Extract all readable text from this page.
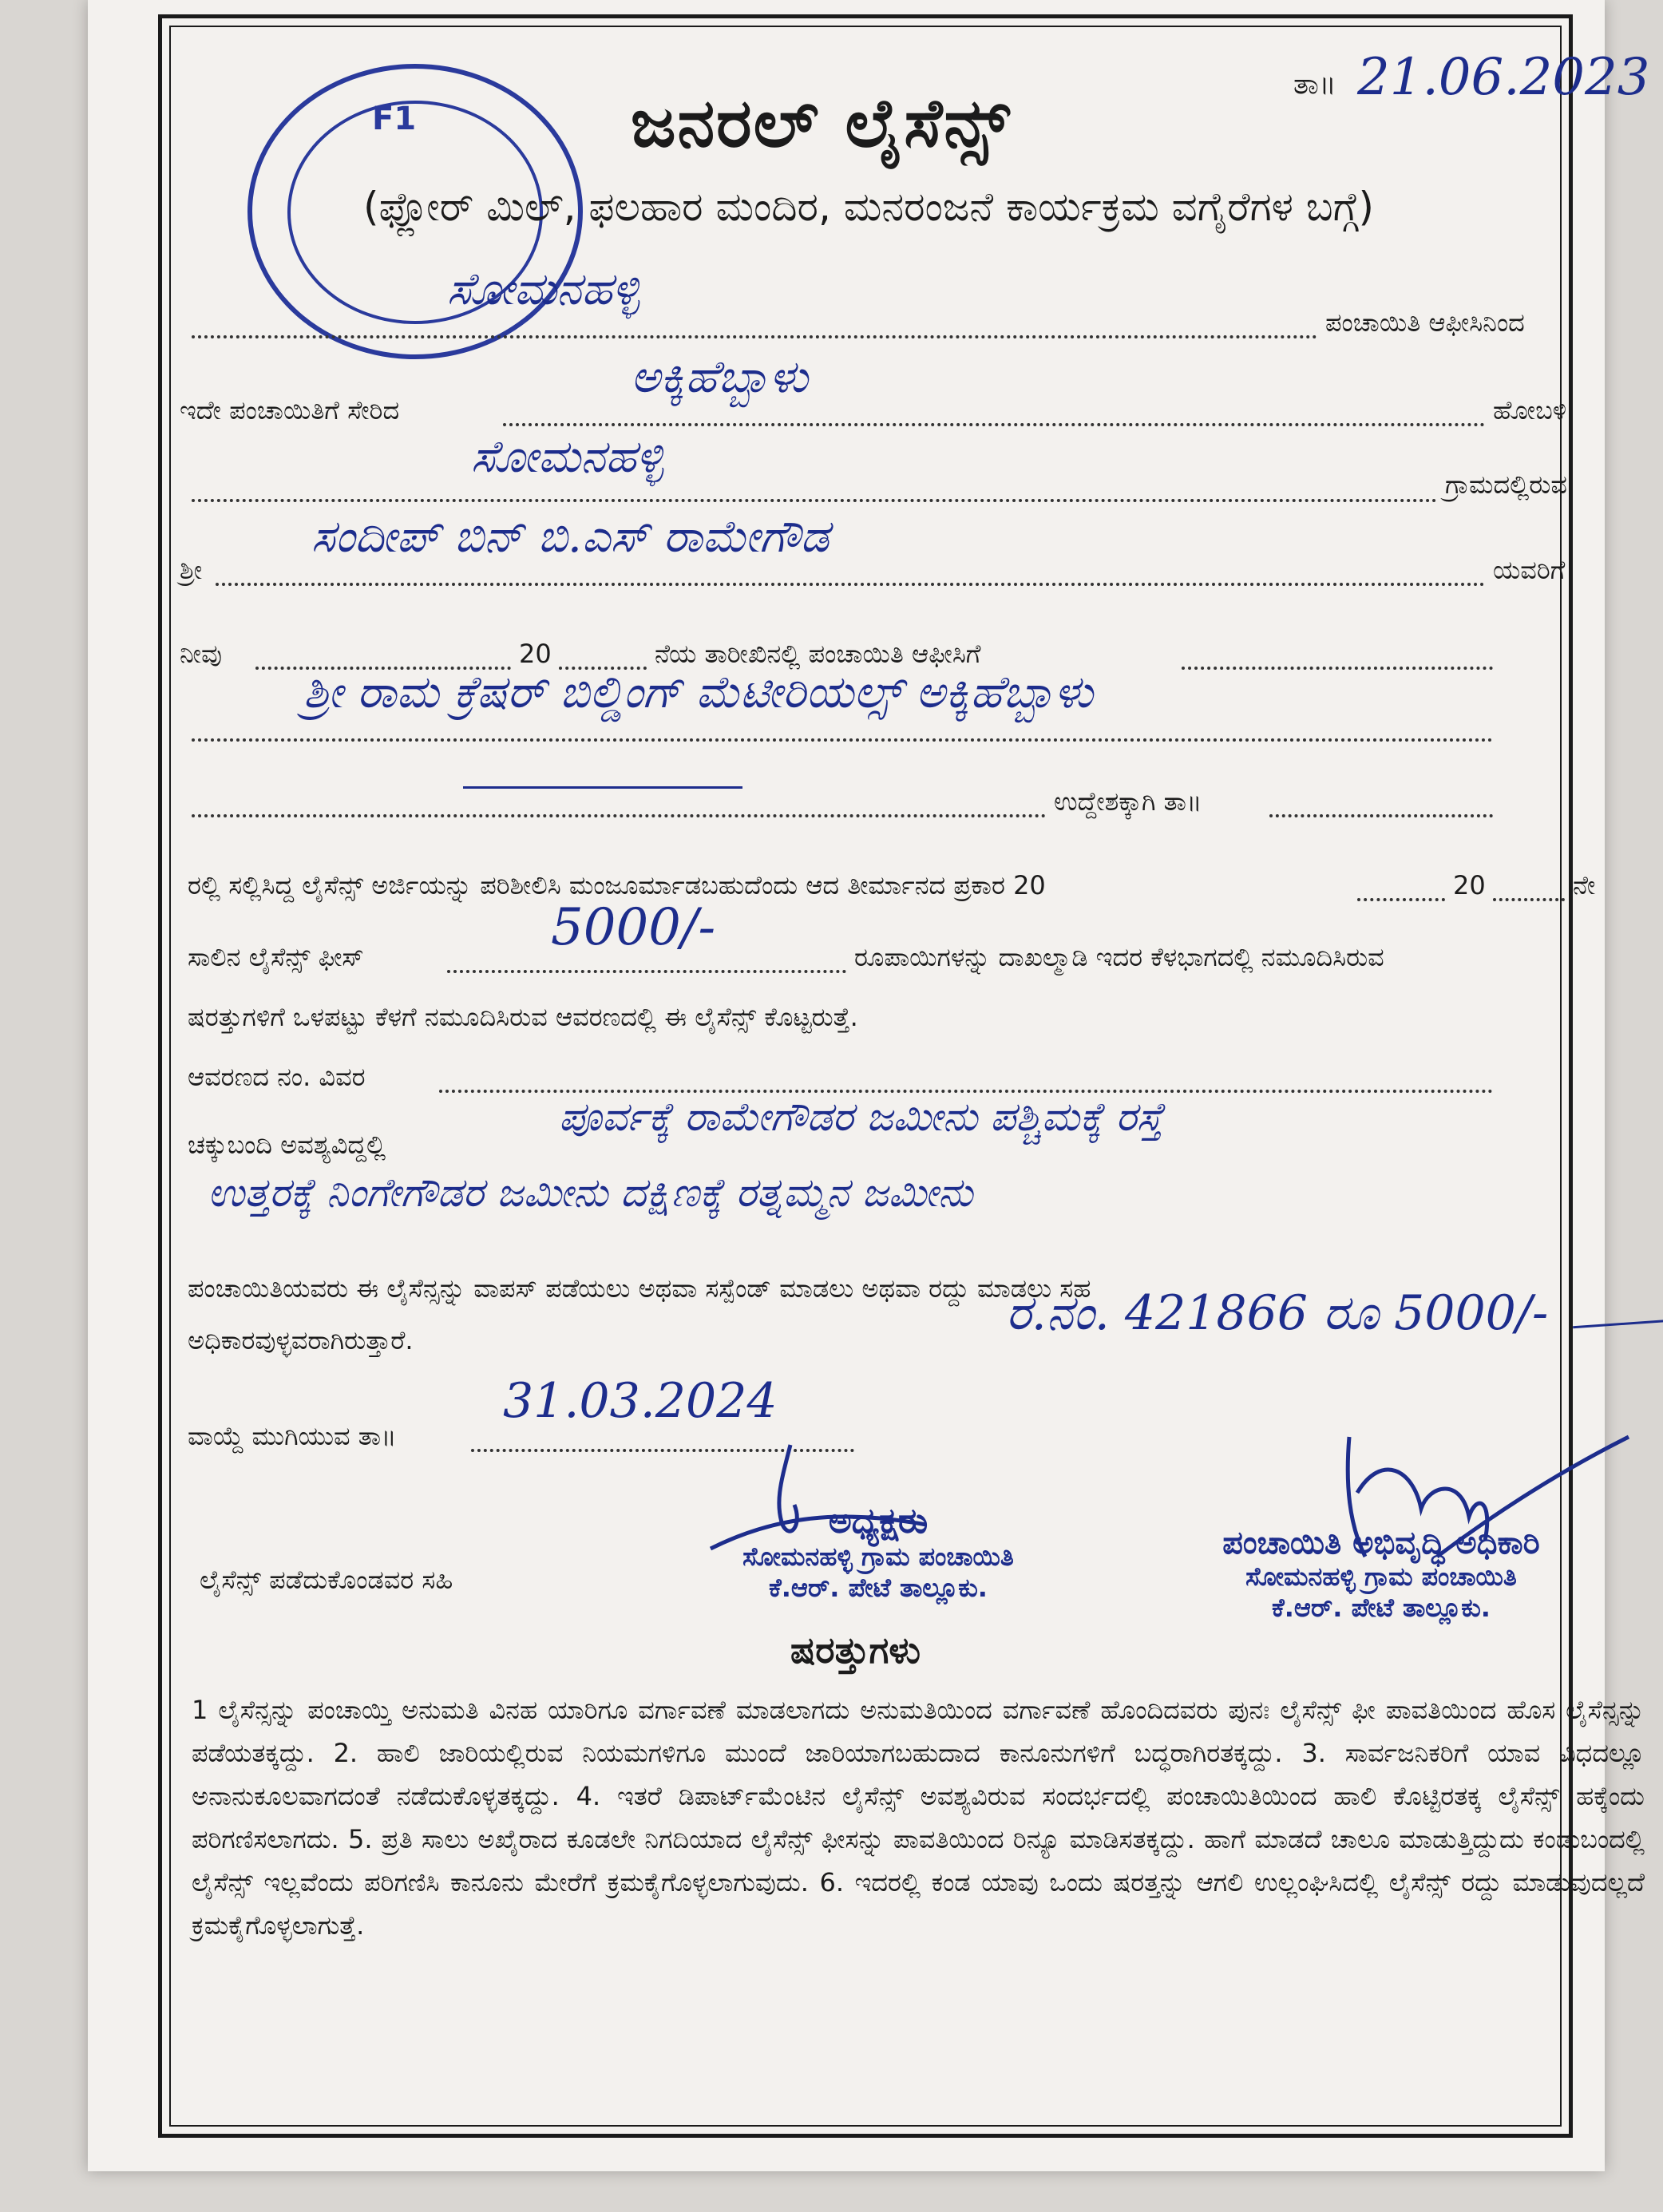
F1	ಜನರಲ್ ಲೈಸೆನ್ಸ್	ತಾ॥ 21.06.2023
(ಫ್ಲೋರ್ ಮಿಲ್, ಫಲಹಾರ ಮಂದಿರ, ಮನರಂಜನೆ ಕಾರ್ಯಕ್ರಮ ವಗೈರೆಗಳ ಬಗ್ಗೆ)
ಸೋಮನಹಳ್ಳಿ
ಪಂಚಾಯಿತಿ ಆಫೀಸಿನಿಂದ
ಇದೇ ಪಂಚಾಯಿತಿಗೆ ಸೇರಿದ
ಅಕ್ಕಿಹೆಬ್ಬಾಳು
ಹೋಬಳಿ
ಸೋಮನಹಳ್ಳಿ
ಗ್ರಾಮದಲ್ಲಿರುವ
ಶ್ರೀ
ಸಂದೀಪ್ ಬಿನ್ ಬಿ.ಎಸ್ ರಾಮೇಗೌಡ
ಯವರಿಗೆ
ನೀವು	20	ನೆಯ ತಾರೀಖಿನಲ್ಲಿ ಪಂಚಾಯಿತಿ ಆಫೀಸಿಗೆ
ಶ್ರೀ ರಾಮ ಕ್ರೆಷರ್ ಬಿಲ್ಡಿಂಗ್ ಮೆಟೀರಿಯಲ್ಸ್ ಅಕ್ಕಿಹೆಬ್ಬಾಳು
ಉದ್ದೇಶಕ್ಕಾಗಿ ತಾ॥
ರಲ್ಲಿ ಸಲ್ಲಿಸಿದ್ದ ಲೈಸೆನ್ಸ್ ಅರ್ಜಿಯನ್ನು ಪರಿಶೀಲಿಸಿ ಮಂಜೂರ್ಮಾಡಬಹುದೆಂದು ಆದ ತೀರ್ಮಾನದ ಪ್ರಕಾರ 20	20	ನೇ
ಸಾಲಿನ ಲೈಸೆನ್ಸ್ ಫೀಸ್	5000/-	ರೂಪಾಯಿಗಳನ್ನು ದಾಖಲ್ಮಾಡಿ ಇದರ ಕೆಳಭಾಗದಲ್ಲಿ ನಮೂದಿಸಿರುವ
ಷರತ್ತುಗಳಿಗೆ ಒಳಪಟ್ಟು ಕೆಳಗೆ ನಮೂದಿಸಿರುವ ಆವರಣದಲ್ಲಿ ಈ ಲೈಸೆನ್ಸ್ ಕೊಟ್ಟರುತ್ತೆ.
ಆವರಣದ ನಂ. ವಿವರ
ಚಕ್ಕುಬಂದಿ ಅವಶ್ಯವಿದ್ದಲ್ಲಿ
ಪೂರ್ವಕ್ಕೆ ರಾಮೇಗೌಡರ ಜಮೀನು ಪಶ್ಚಿಮಕ್ಕೆ ರಸ್ತೆ
ಉತ್ತರಕ್ಕೆ ನಿಂಗೇಗೌಡರ ಜಮೀನು ದಕ್ಷಿಣಕ್ಕೆ ರತ್ನಮ್ಮನ ಜಮೀನು
ಪಂಚಾಯಿತಿಯವರು ಈ ಲೈಸೆನ್ಸನ್ನು ವಾಪಸ್ ಪಡೆಯಲು ಅಥವಾ ಸಸ್ಪೆಂಡ್ ಮಾಡಲು ಅಥವಾ ರದ್ದು ಮಾಡಲು ಸಹ
ಅಧಿಕಾರವುಳ್ಳವರಾಗಿರುತ್ತಾರೆ.	ರ.ನಂ. 421866 ರೂ 5000/-
ವಾಯ್ದೆ ಮುಗಿಯುವ ತಾ॥
31.03.2024
ಲೈಸೆನ್ಸ್ ಪಡೆದುಕೊಂಡವರ ಸಹಿ
ಅಧ್ಯಕ್ಷರು
ಸೋಮನಹಳ್ಳಿ ಗ್ರಾಮ ಪಂಚಾಯಿತಿ
ಕೆ.ಆರ್. ಪೇಟೆ ತಾಲ್ಲೂಕು.
ಪಂಚಾಯಿತಿ ಅಭಿವೃದ್ಧಿ ಅಧಿಕಾರಿ
ಸೋಮನಹಳ್ಳಿ ಗ್ರಾಮ ಪಂಚಾಯಿತಿ
ಕೆ.ಆರ್. ಪೇಟೆ ತಾಲ್ಲೂಕು.
ಷರತ್ತುಗಳು
1 ಲೈಸೆನ್ಸನ್ನು ಪಂಚಾಯ್ತಿ ಅನುಮತಿ ವಿನಹ ಯಾರಿಗೂ ವರ್ಗಾವಣೆ ಮಾಡಲಾಗದು ಅನುಮತಿಯಿಂದ ವರ್ಗಾವಣೆ ಹೊಂದಿದವರು ಪುನಃ ಲೈಸೆನ್ಸ್ ಫೀ ಪಾವತಿಯಿಂದ ಹೊಸ ಲೈಸೆನ್ಸನ್ನು ಪಡೆಯತಕ್ಕದ್ದು. 2. ಹಾಲಿ ಜಾರಿಯಲ್ಲಿರುವ ನಿಯಮಗಳಿಗೂ ಮುಂದೆ ಜಾರಿಯಾಗಬಹುದಾದ ಕಾನೂನುಗಳಿಗೆ ಬದ್ಧರಾಗಿರತಕ್ಕದ್ದು. 3. ಸಾರ್ವಜನಿಕರಿಗೆ ಯಾವ ವಿಧದಲ್ಲೂ ಅನಾನುಕೂಲವಾಗದಂತೆ ನಡೆದುಕೊಳ್ಳತಕ್ಕದ್ದು. 4. ಇತರೆ ಡಿಪಾರ್ಟ್‌ಮೆಂಟಿನ ಲೈಸೆನ್ಸ್ ಅವಶ್ಯವಿರುವ ಸಂದರ್ಭದಲ್ಲಿ ಪಂಚಾಯಿತಿಯಿಂದ ಹಾಲಿ ಕೊಟ್ಟಿರತಕ್ಕ ಲೈಸೆನ್ಸ್ ಹಕ್ಕೆಂದು ಪರಿಗಣಿಸಲಾಗದು. 5. ಪ್ರತಿ ಸಾಲು ಅಖೈರಾದ ಕೂಡಲೇ ನಿಗದಿಯಾದ ಲೈಸೆನ್ಸ್ ಫೀಸನ್ನು ಪಾವತಿಯಿಂದ ರಿನ್ಯೂ ಮಾಡಿಸತಕ್ಕದ್ದು. ಹಾಗೆ ಮಾಡದೆ ಚಾಲೂ ಮಾಡುತ್ತಿದ್ದುದು ಕಂಡುಬಂದಲ್ಲಿ ಲೈಸೆನ್ಸ್ ಇಲ್ಲವೆಂದು ಪರಿಗಣಿಸಿ ಕಾನೂನು ಮೇರೆಗೆ ಕ್ರಮಕೈಗೊಳ್ಳಲಾಗುವುದು. 6. ಇದರಲ್ಲಿ ಕಂಡ ಯಾವು ಒಂದು ಷರತ್ತನ್ನು ಆಗಲಿ ಉಲ್ಲಂಘಿಸಿದಲ್ಲಿ ಲೈಸೆನ್ಸ್ ರದ್ದು ಮಾಡುವುದಲ್ಲದೆ ಕ್ರಮಕೈಗೊಳ್ಳಲಾಗುತ್ತೆ.
